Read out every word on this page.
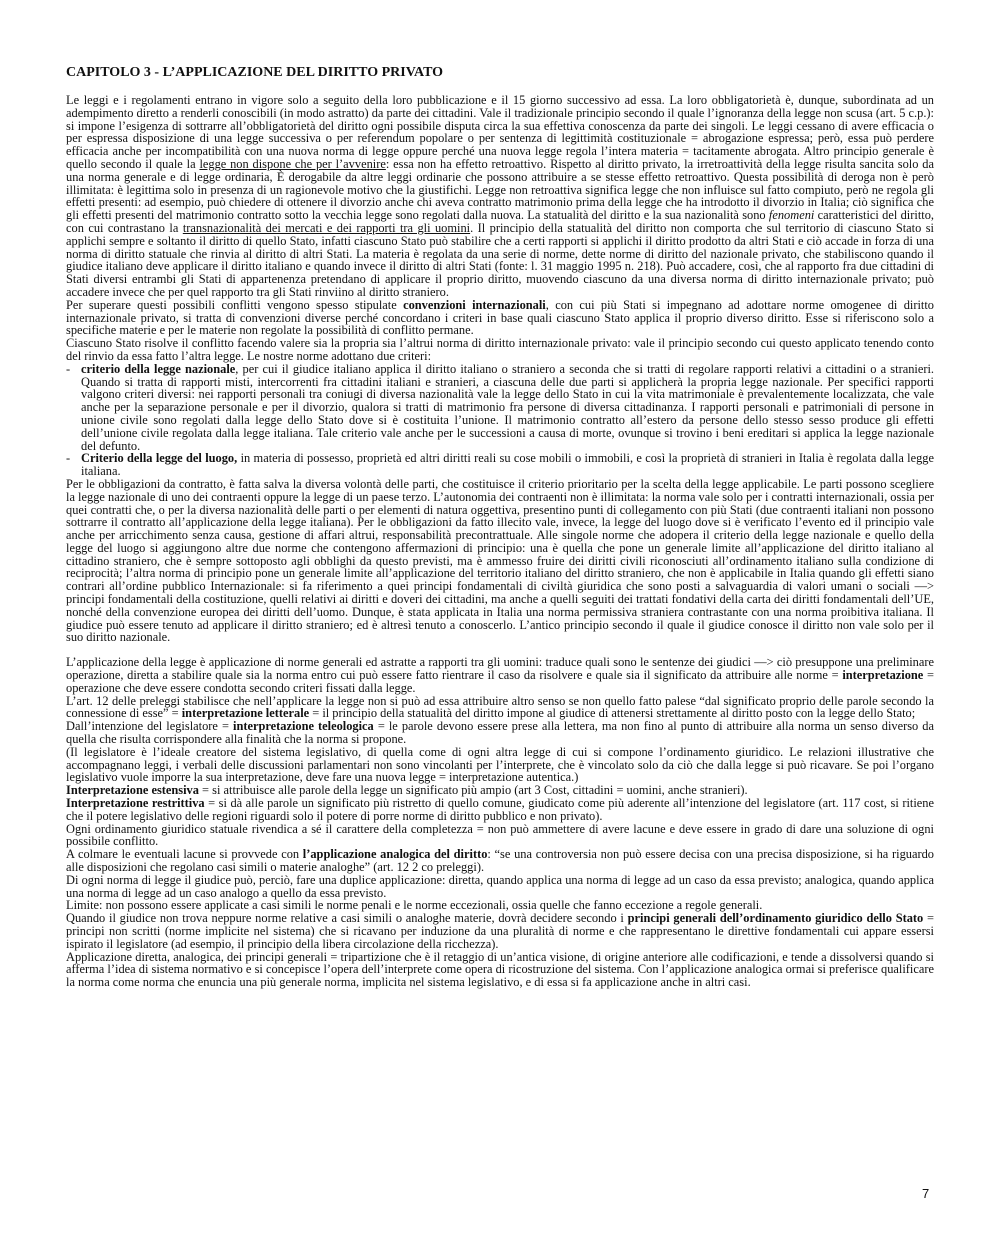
CAPITOLO 3 - L’APPLICAZIONE DEL DIRITTO PRIVATO

Le leggi e i regolamenti entrano in vigore solo a seguito della loro pubblicazione e il 15 giorno successivo ad essa. La loro obbligatorietà è, dunque, subordinata ad un adempimento diretto a renderli conoscibili (in modo astratto) da parte dei cittadini. Vale il tradizionale principio secondo il quale l’ignoranza della legge non scusa (art. 5 c.p.): si impone l’esigenza di sottrarre all’obbligatorietà del diritto ogni possibile disputa circa la sua effettiva conoscenza da parte dei singoli. Le leggi cessano di avere efficacia o per espressa disposizione di una legge successiva o per referendum popolare o per sentenza di legittimità costituzionale = abrogazione espressa; però, essa può perdere efficacia anche per incompatibilità con una nuova norma di legge oppure perché una nuova legge regola l’intera materia = tacitamente abrogata. Altro principio generale è quello secondo il quale la legge non dispone che per l’avvenire: essa non ha effetto retroattivo. Rispetto al diritto privato, la irretroattività della legge risulta sancita solo da una norma generale e di legge ordinaria, È derogabile da altre leggi ordinarie che possono attribuire a se stesse effetto retroattivo. Questa possibilità di deroga non è però illimitata: è legittima solo in presenza di un ragionevole motivo che la giustifichi. Legge non retroattiva significa legge che non influisce sul fatto compiuto, però ne regola gli effetti presenti: ad esempio, può chiedere di ottenere il divorzio anche chi aveva contratto matrimonio prima della legge che ha introdotto il divorzio in Italia; ciò significa che gli effetti presenti del matrimonio contratto sotto la vecchia legge sono regolati dalla nuova. La statualità del diritto e la sua nazionalità sono fenomeni caratteristici del diritto, con cui contrastano la transnazionalità dei mercati e dei rapporti tra gli uomini. Il principio della statualità del diritto non comporta che sul territorio di ciascuno Stato si applichi sempre e soltanto il diritto di quello Stato, infatti ciascuno Stato può stabilire che a certi rapporti si applichi il diritto prodotto da altri Stati e ciò accade in forza di una norma di diritto statuale che rinvia al diritto di altri Stati. La materia è regolata da una serie di norme, dette norme di diritto del nazionale privato, che stabiliscono quando il giudice italiano deve applicare il diritto italiano e quando invece il diritto di altri Stati (fonte: l. 31 maggio 1995 n. 218). Può accadere, così, che al rapporto fra due cittadini di Stati diversi entrambi gli Stati di appartenenza pretendano di applicare il proprio diritto, muovendo ciascuno da una diversa norma di diritto internazionale privato; può accadere invece che per quel rapporto tra gli Stati rinviino al diritto straniero.

Per superare questi possibili conflitti vengono spesso stipulate convenzioni internazionali, con cui più Stati si impegnano ad adottare norme omogenee di diritto internazionale privato, si tratta di convenzioni diverse perché concordano i criteri in base quali ciascuno Stato applica il proprio diverso diritto. Esse si riferiscono solo a specifiche materie e per le materie non regolate la possibilità di conflitto permane.

Ciascuno Stato risolve il conflitto facendo valere sia la propria sia l’altrui norma di diritto internazionale privato: vale il principio secondo cui questo applicato tenendo conto del rinvio da essa fatto l’altra legge. Le nostre norme adottano due criteri:

- criterio della legge nazionale, per cui il giudice italiano applica il diritto italiano o straniero a seconda che si tratti di regolare rapporti relativi a cittadini o a stranieri. Quando si tratta di rapporti misti, intercorrenti fra cittadini italiani e stranieri, a ciascuna delle due parti si applicherà la propria legge nazionale. Per specifici rapporti valgono criteri diversi: nei rapporti personali tra coniugi di diversa nazionalità vale la legge dello Stato in cui la vita matrimoniale è prevalentemente localizzata, che vale anche per la separazione personale e per il divorzio, qualora si tratti di matrimonio fra persone di diversa cittadinanza. I rapporti personali e patrimoniali di persone in unione civile sono regolati dalla legge dello Stato dove si è costituita l’unione. Il matrimonio contratto all’estero da persone dello stesso sesso produce gli effetti dell’unione civile regolata dalla legge italiana. Tale criterio vale anche per le successioni a causa di morte, ovunque si trovino i beni ereditari si applica la legge nazionale del defunto.
- Criterio della legge del luogo, in materia di possesso, proprietà ed altri diritti reali su cose mobili o immobili, e così la proprietà di stranieri in Italia è regolata dalla legge italiana.

Per le obbligazioni da contratto, è fatta salva la diversa volontà delle parti, che costituisce il criterio prioritario per la scelta della legge applicabile. Le parti possono scegliere la legge nazionale di uno dei contraenti oppure la legge di un paese terzo. L’autonomia dei contraenti non è illimitata: la norma vale solo per i contratti internazionali, ossia per quei contratti che, o per la diversa nazionalità delle parti o per elementi di natura oggettiva, presentino punti di collegamento con più Stati (due contraenti italiani non possono sottrarre il contratto all’applicazione della legge italiana). Per le obbligazioni da fatto illecito vale, invece, la legge del luogo dove si è verificato l’evento ed il principio vale anche per arricchimento senza causa, gestione di affari altrui, responsabilità precontrattuale. Alle singole norme che adopera il criterio della legge nazionale e quello della legge del luogo si aggiungono altre due norme che contengono affermazioni di principio: una è quella che pone un generale limite all’applicazione del diritto italiano al cittadino straniero, che è sempre sottoposto agli obblighi da questo previsti, ma è ammesso fruire dei diritti civili riconosciuti all’ordinamento italiano sulla condizione di reciprocità; l’altra norma di principio pone un generale limite all’applicazione del territorio italiano del diritto straniero, che non è applicabile in Italia quando gli effetti siano contrari all’ordine pubblico Internazionale: si fa riferimento a quei principi fondamentali di civiltà giuridica che sono posti a salvaguardia di valori umani o sociali —> principi fondamentali della costituzione, quelli relativi ai diritti e doveri dei cittadini, ma anche a quelli seguiti dei trattati fondativi della carta dei diritti fondamentali dell’UE, nonché della convenzione europea dei diritti dell’uomo. Dunque, è stata applicata in Italia una norma permissiva straniera contrastante con una norma proibitiva italiana. Il giudice può essere tenuto ad applicare il diritto straniero; ed è altresì tenuto a conoscerlo. L’antico principio secondo il quale il giudice conosce il diritto non vale solo per il suo diritto nazionale.

L’applicazione della legge è applicazione di norme generali ed astratte a rapporti tra gli uomini: traduce quali sono le sentenze dei giudici —> ciò presuppone una preliminare operazione, diretta a stabilire quale sia la norma entro cui può essere fatto rientrare il caso da risolvere e quale sia il significato da attribuire alle norme = interpretazione = operazione che deve essere condotta secondo criteri fissati dalla legge.

L’art. 12 delle preleggi stabilisce che nell’applicare la legge non si può ad essa attribuire altro senso se non quello fatto palese “dal significato proprio delle parole secondo la connessione di esse” = interpretazione letterale = il principio della statualità del diritto impone al giudice di attenersi strettamente al diritto posto con la legge dello Stato;

Dall’intenzione del legislatore = interpretazione teleologica = le parole devono essere prese alla lettera, ma non fino al punto di attribuire alla norma un senso diverso da quella che risulta corrispondere alla finalità che la norma si propone.

(Il legislatore è l’ideale creatore del sistema legislativo, di quella come di ogni altra legge di cui si compone l’ordinamento giuridico. Le relazioni illustrative che accompagnano leggi, i verbali delle discussioni parlamentari non sono vincolanti per l’interprete, che è vincolato solo da ciò che dalla legge si può ricavare. Se poi l’organo legislativo vuole imporre la sua interpretazione, deve fare una nuova legge = interpretazione autentica.)

Interpretazione estensiva = si attribuisce alle parole della legge un significato più ampio (art 3 Cost, cittadini = uomini, anche stranieri).

Interpretazione restrittiva = si dà alle parole un significato più ristretto di quello comune, giudicato come più aderente all’intenzione del legislatore (art. 117 cost, si ritiene che il potere legislativo delle regioni riguardi solo il potere di porre norme di diritto pubblico e non privato).

Ogni ordinamento giuridico statuale rivendica a sé il carattere della completezza = non può ammettere di avere lacune e deve essere in grado di dare una soluzione di ogni possibile conflitto.

A colmare le eventuali lacune si provvede con l’applicazione analogica del diritto: “se una controversia non può essere decisa con una precisa disposizione, si ha riguardo alle disposizioni che regolano casi simili o materie analoghe” (art. 12 2 co preleggi).

Di ogni norma di legge il giudice può, perciò, fare una duplice applicazione: diretta, quando applica una norma di legge ad un caso da essa previsto; analogica, quando applica una norma di legge ad un caso analogo a quello da essa previsto.

Limite: non possono essere applicate a casi simili le norme penali e le norme eccezionali, ossia quelle che fanno eccezione a regole generali.

Quando il giudice non trova neppure norme relative a casi simili o analoghe materie, dovrà decidere secondo i principi generali dell’ordinamento giuridico dello Stato = principi non scritti (norme implicite nel sistema) che si ricavano per induzione da una pluralità di norme e che rappresentano le direttive fondamentali cui appare essersi ispirato il legislatore (ad esempio, il principio della libera circolazione della ricchezza).

Applicazione diretta, analogica, dei principi generali = tripartizione che è il retaggio di un’antica visione, di origine anteriore alle codificazioni, e tende a dissolversi quando si afferma l’idea di sistema normativo e si concepisce l’opera dell’interprete come opera di ricostruzione del sistema. Con l’applicazione analogica ormai si preferisce qualificare la norma come norma che enuncia una più generale norma, implicita nel sistema legislativo, e di essa si fa applicazione anche in altri casi.

7
